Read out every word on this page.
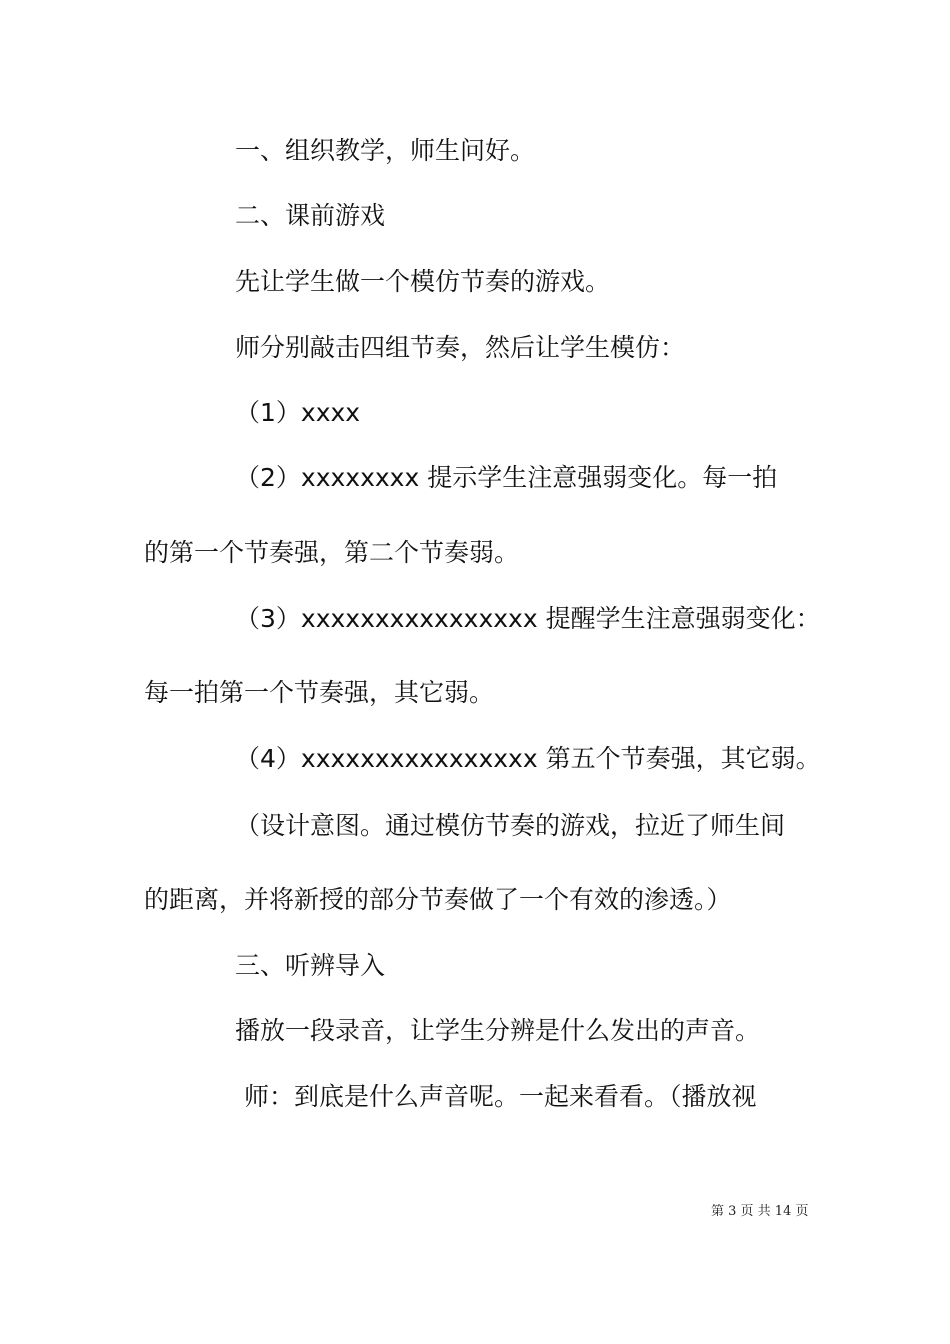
一、组织教学，师生问好。
二、课前游戏
先让学生做一个模仿节奏的游戏。
师分别敲击四组节奏，然后让学生模仿：
（1）xxxx
（2）xxxxxxxx 提示学生注意强弱变化。每一拍
的第一个节奏强，第二个节奏弱。
（3）xxxxxxxxxxxxxxxx 提醒学生注意强弱变化：
每一拍第一个节奏强，其它弱。
（4）xxxxxxxxxxxxxxxx 第五个节奏强，其它弱。
（设计意图。通过模仿节奏的游戏，拉近了师生间
的距离，并将新授的部分节奏做了一个有效的渗透。）
三、听辨导入
播放一段录音，让学生分辨是什么发出的声音。
师：到底是什么声音呢。一起来看看。（播放视
第 3 页 共 14 页
